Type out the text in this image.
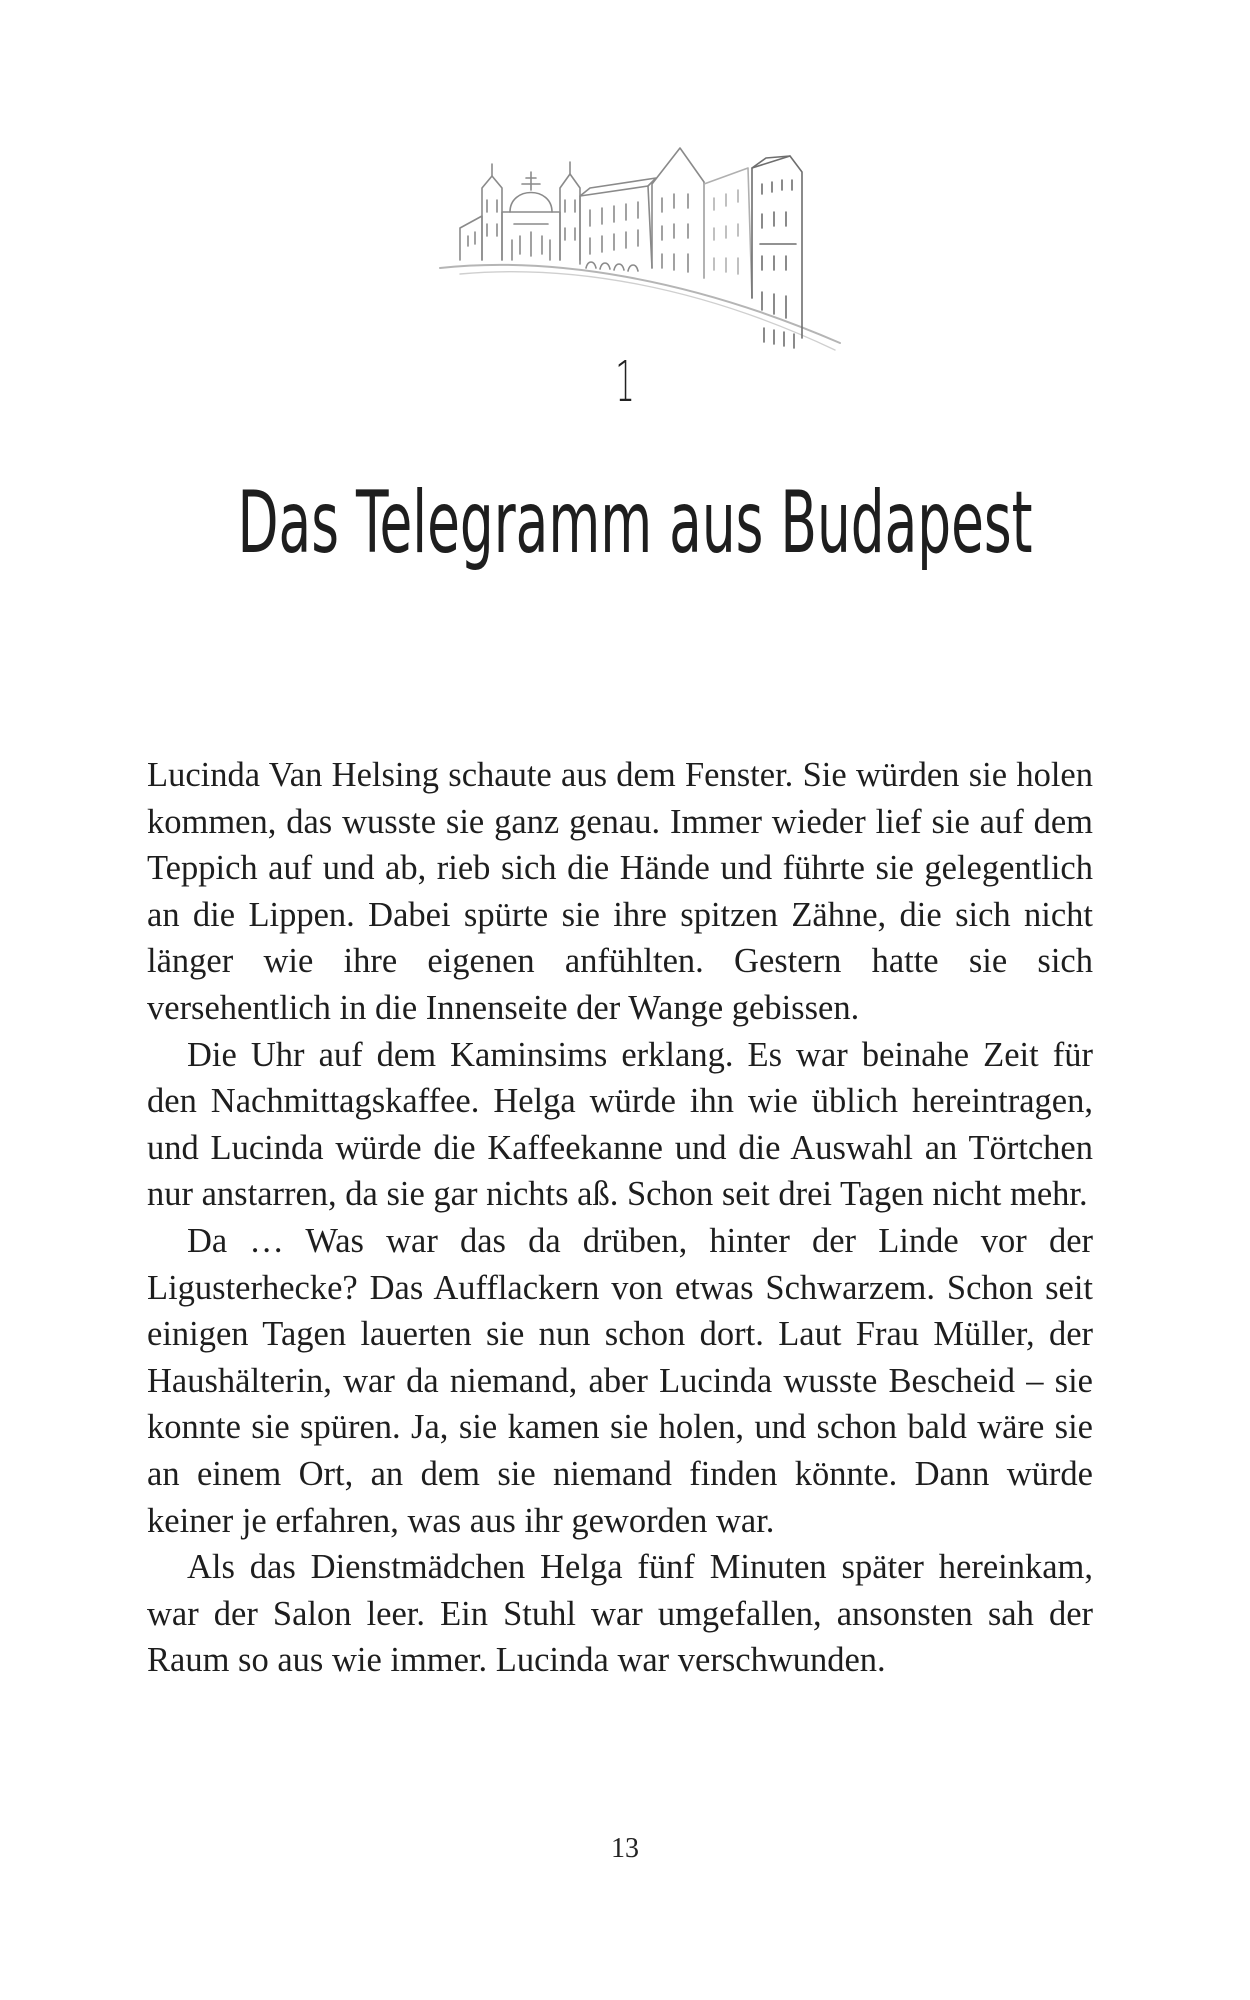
1
Das Telegramm aus Budapest

Lucinda Van Helsing schaute aus dem Fenster. Sie würden sie holen kommen, das wusste sie ganz genau. Immer wieder lief sie auf dem Teppich auf und ab, rieb sich die Hände und führte sie gelegentlich an die Lippen. Dabei spürte sie ihre spitzen Zähne, die sich nicht länger wie ihre eigenen anfühlten. Gestern hatte sie sich versehentlich in die Innenseite der Wange gebissen.

Die Uhr auf dem Kaminsims erklang. Es war beinahe Zeit für den Nachmittagskaffee. Helga würde ihn wie üblich hereintragen, und Lucinda würde die Kaffeekanne und die Auswahl an Törtchen nur anstarren, da sie gar nichts aß. Schon seit drei Tagen nicht mehr.

Da … Was war das da drüben, hinter der Linde vor der Ligusterhecke? Das Aufflackern von etwas Schwarzem. Schon seit einigen Tagen lauerten sie nun schon dort. Laut Frau Müller, der Haushälterin, war da niemand, aber Lucinda wusste Bescheid – sie konnte sie spüren. Ja, sie kamen sie holen, und schon bald wäre sie an einem Ort, an dem sie niemand finden könnte. Dann würde keiner je erfahren, was aus ihr geworden war.

Als das Dienstmädchen Helga fünf Minuten später hereinkam, war der Salon leer. Ein Stuhl war umgefallen, ansonsten sah der Raum so aus wie immer. Lucinda war verschwunden.

13
